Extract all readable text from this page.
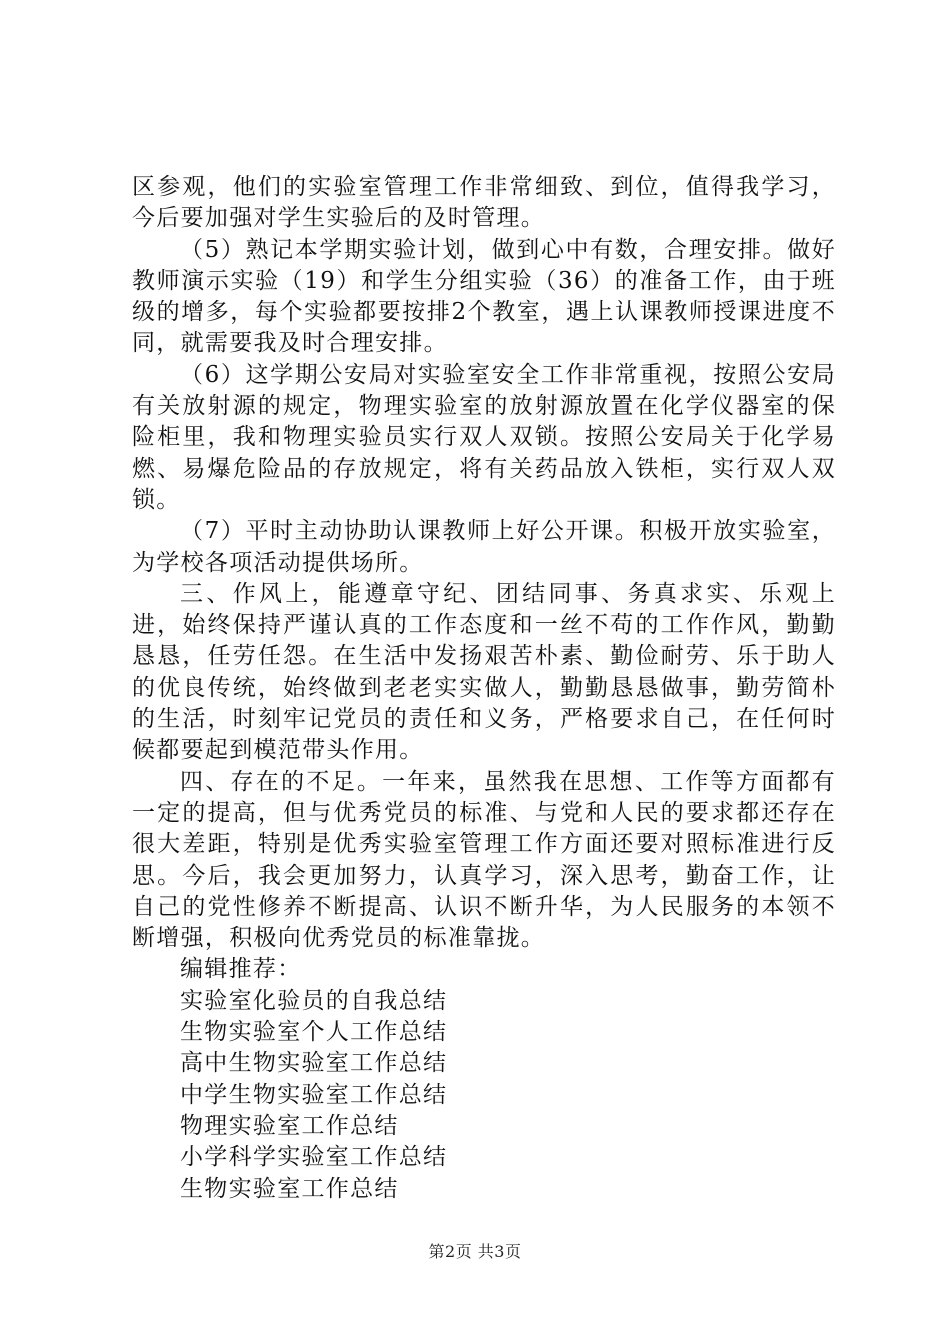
区参观，他们的实验室管理工作非常细致、到位，值得我学习，今后要加强对学生实验后的及时管理。

（5）熟记本学期实验计划，做到心中有数，合理安排。做好教师演示实验（19）和学生分组实验（36）的准备工作，由于班级的增多，每个实验都要按排2个教室，遇上认课教师授课进度不同，就需要我及时合理安排。

（6）这学期公安局对实验室安全工作非常重视，按照公安局有关放射源的规定，物理实验室的放射源放置在化学仪器室的保险柜里，我和物理实验员实行双人双锁。按照公安局关于化学易燃、易爆危险品的存放规定，将有关药品放入铁柜，实行双人双锁。

（7）平时主动协助认课教师上好公开课。积极开放实验室，为学校各项活动提供场所。

三、作风上，能遵章守纪、团结同事、务真求实、乐观上进，始终保持严谨认真的工作态度和一丝不苟的工作作风，勤勤恳恳，任劳任怨。在生活中发扬艰苦朴素、勤俭耐劳、乐于助人的优良传统，始终做到老老实实做人，勤勤恳恳做事，勤劳简朴的生活，时刻牢记党员的责任和义务，严格要求自己，在任何时候都要起到模范带头作用。

四、存在的不足。一年来，虽然我在思想、工作等方面都有一定的提高，但与优秀党员的标准、与党和人民的要求都还存在很大差距，特别是优秀实验室管理工作方面还要对照标准进行反思。今后，我会更加努力，认真学习，深入思考，勤奋工作，让自己的党性修养不断提高、认识不断升华，为人民服务的本领不断增强，积极向优秀党员的标准靠拢。

编辑推荐：

实验室化验员的自我总结
生物实验室个人工作总结
高中生物实验室工作总结
中学生物实验室工作总结
物理实验室工作总结
小学科学实验室工作总结
生物实验室工作总结
第2页 共3页
